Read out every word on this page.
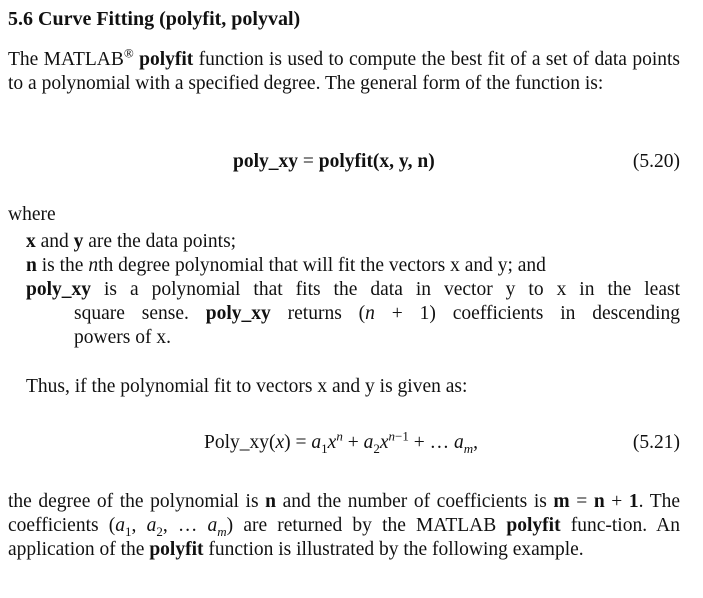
5.6 Curve Fitting (polyfit, polyval)

The MATLAB® polyfit function is used to compute the best fit of a set of data points to a polynomial with a specified degree. The general form of the function is:

poly_xy = polyfit(x, y, n)	(5.20)
where
x and y are the data points;
n is the nth degree polynomial that will fit the vectors x and y; and
poly_xy is a polynomial that fits the data in vector y to x in the least
square sense. poly_xy returns (n + 1) coefficients in descending
powers of x.
Thus, if the polynomial fit to vectors x and y is given as:
Poly_xy(x) = $a_1x^n + a_2x^{n-1}$ + … $a_m$,	(5.21)

the degree of the polynomial is n and the number of coefficients is m = n + 1. The coefficients ($a_1$, $a_2$, … $a_m$) are returned by the MATLAB polyfit func-tion. An application of the polyfit function is illustrated by the following example.
